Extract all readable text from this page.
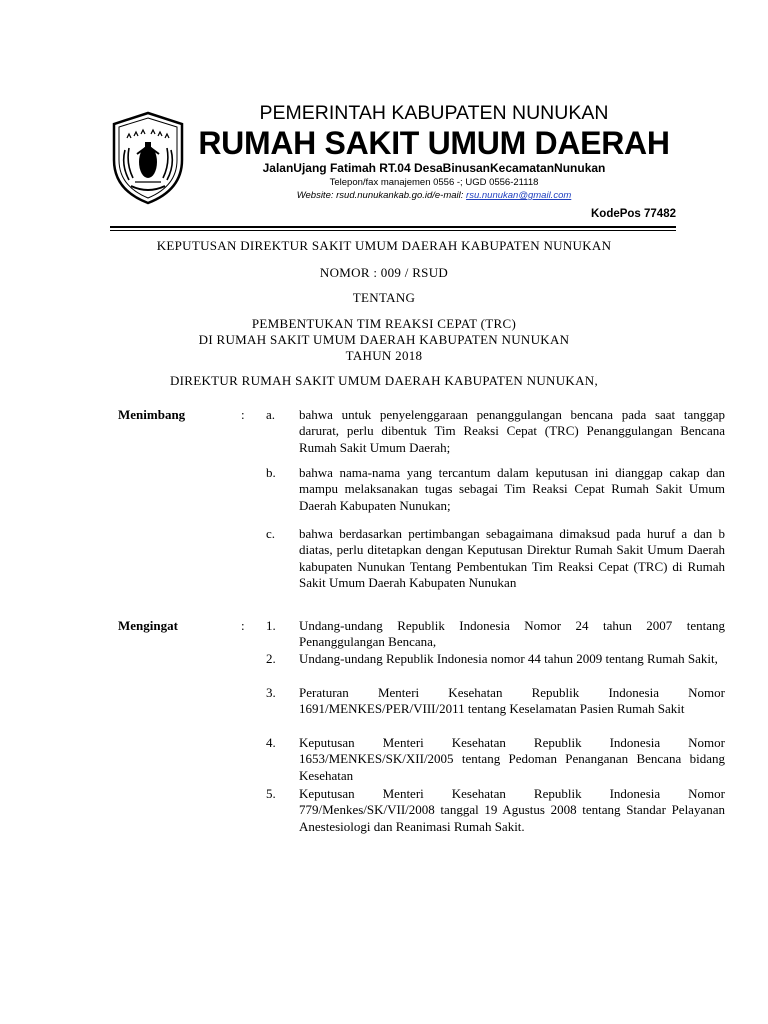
PEMERINTAH KABUPATEN NUNUKAN
RUMAH SAKIT UMUM DAERAH
JalanUjang Fatimah RT.04 DesaBinusanKecamatanNunukan
Telepon/fax manajemen 0556 -; UGD 0556-21118
Website: rsud.nunukankab.go.id/e-mail: rsu.nunukan@gmail.com
KodePos 77482
KEPUTUSAN DIREKTUR SAKIT UMUM DAERAH KABUPATEN NUNUKAN
NOMOR : 009 / RSUD
TENTANG
PEMBENTUKAN TIM REAKSI CEPAT (TRC)
DI RUMAH SAKIT UMUM DAERAH KABUPATEN NUNUKAN
TAHUN 2018
DIREKTUR RUMAH SAKIT UMUM DAERAH KABUPATEN NUNUKAN,
Menimbang	: a. bahwa untuk penyelenggaraan penanggulangan bencana pada saat tanggap darurat, perlu dibentuk Tim Reaksi Cepat (TRC) Penanggulangan Bencana Rumah Sakit Umum Daerah;
b. bahwa nama-nama yang tercantum dalam keputusan ini dianggap cakap dan mampu melaksanakan tugas sebagai Tim Reaksi Cepat Rumah Sakit Umum Daerah Kabupaten Nunukan;
c. bahwa berdasarkan pertimbangan sebagaimana dimaksud pada huruf a dan b diatas, perlu ditetapkan dengan Keputusan Direktur Rumah Sakit Umum Daerah kabupaten Nunukan Tentang Pembentukan Tim Reaksi Cepat (TRC) di Rumah Sakit Umum Daerah Kabupaten Nunukan
Mengingat	: 1. Undang-undang Republik Indonesia Nomor 24 tahun 2007 tentang Penanggulangan Bencana,
2. Undang-undang Republik Indonesia nomor 44 tahun 2009 tentang Rumah Sakit,
3. Peraturan Menteri Kesehatan Republik Indonesia Nomor 1691/MENKES/PER/VIII/2011 tentang Keselamatan Pasien Rumah Sakit
4. Keputusan Menteri Kesehatan Republik Indonesia Nomor 1653/MENKES/SK/XII/2005 tentang Pedoman Penanganan Bencana bidang Kesehatan
5. Keputusan Menteri Kesehatan Republik Indonesia Nomor 779/Menkes/SK/VII/2008 tanggal 19 Agustus 2008 tentang Standar Pelayanan Anestesiologi dan Reanimasi Rumah Sakit.
